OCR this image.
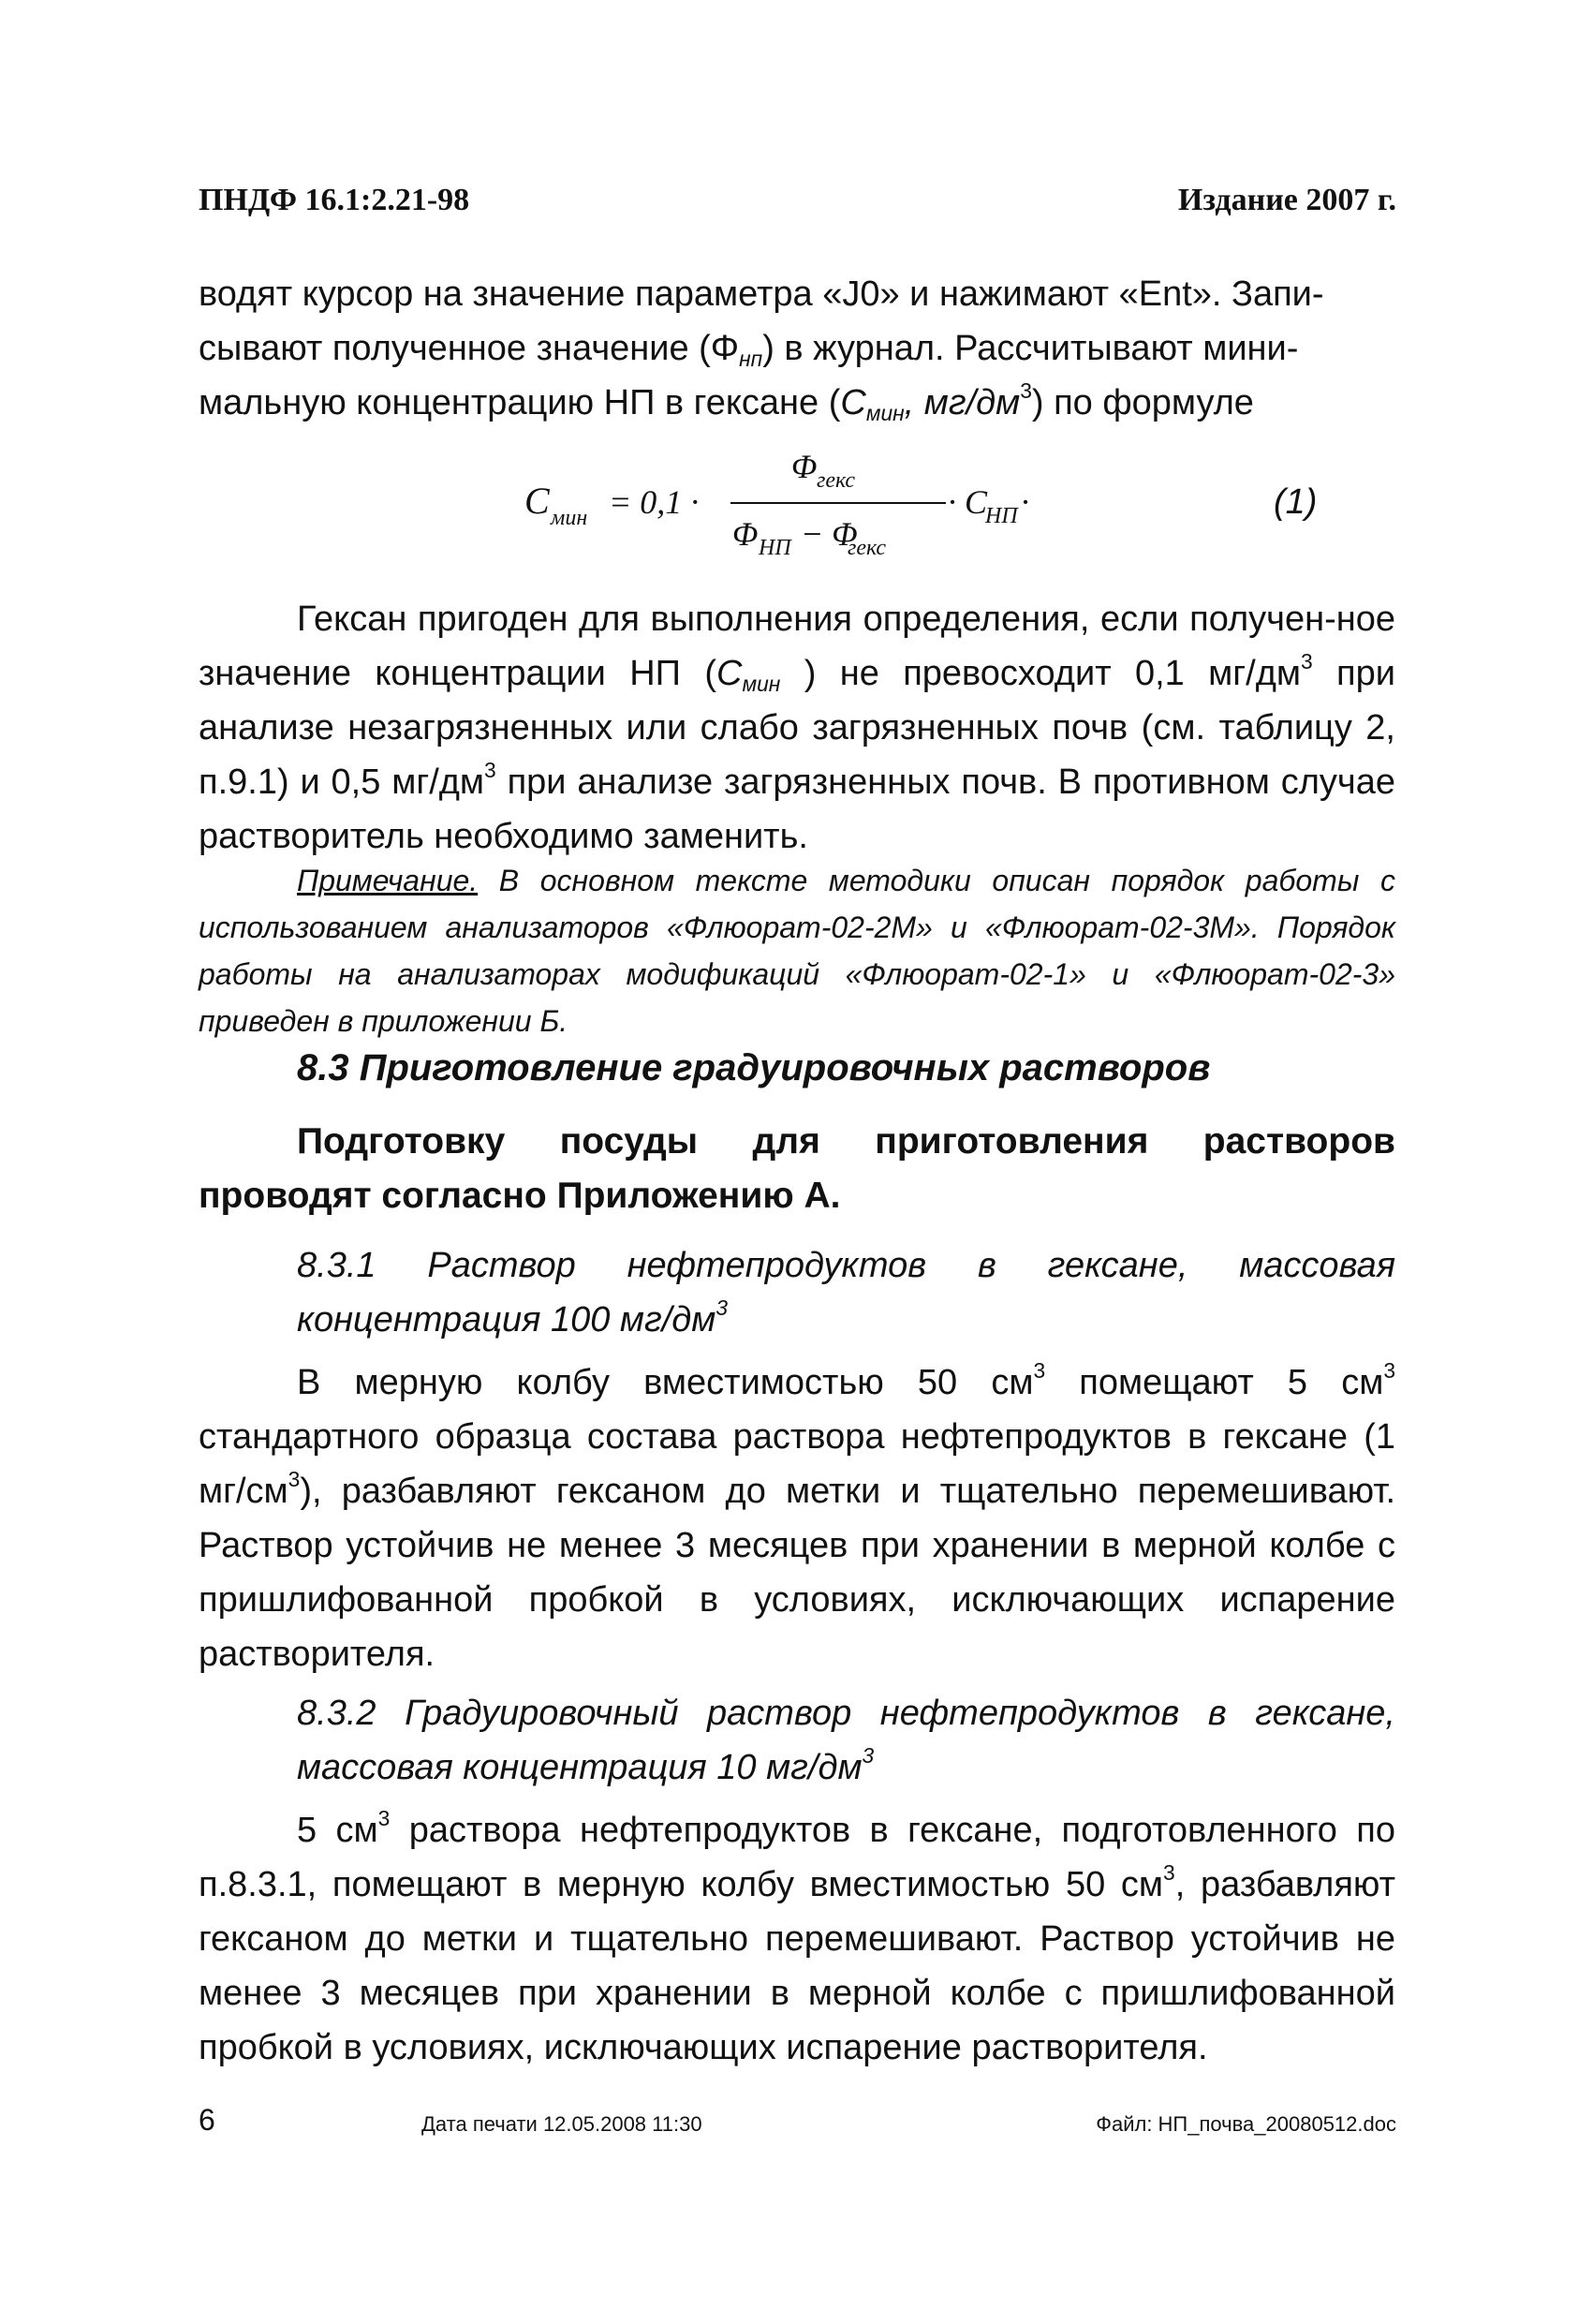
ПНДФ 16.1:2.21-98	Издание 2007 г.
водят курсор на значение параметра «J0» и нажимают «Ent». Запи-
сывают полученное значение $(\Phi_{нп})$ в журнал. Рассчитывают мини-
мальную концентрацию НП в гексане ($C_{мин}$, $мг/дм^3$) по формуле
C мин = 0,1 ·
Φ гекс
Φ НП − Φ
гекс
· C
НП ·	(1)
Гексан пригоден для выполнения определения, если получен-ное значение концентрации НП ($C_{мин}$ ) не превосходит 0,1 $мг/дм^3$ при анализе незагрязненных или слабо загрязненных почв (см. таблицу 2, п.9.1) и 0,5 $мг/дм^3$ при анализе загрязненных почв. В противном случае растворитель необходимо заменить.
Примечание. В основном тексте методики описан порядок работы с использованием анализаторов «Флюорат-02-2М» и «Флюорат-02-3М». Порядок работы на анализаторах модификаций «Флюорат-02-1» и «Флюорат-02-3» приведен в приложении Б.
8.3 Приготовление градуировочных растворов
Подготовку посуды для приготовления растворов проводят согласно Приложению А.
8.3.1 Раствор нефтепродуктов в гексане, массовая концентрация 100 $мг/дм^3$
В мерную колбу вместимостью 50 $см^3$ помещают 5 $см^3$ стандартного образца состава раствора нефтепродуктов в гексане (1 $мг/см^3$), разбавляют гексаном до метки и тщательно перемешивают. Раствор устойчив не менее 3 месяцев при хранении в мерной колбе с пришлифованной пробкой в условиях, исключающих испарение растворителя.
8.3.2 Градуировочный раствор нефтепродуктов в гексане, массовая концентрация 10 $мг/дм^3$
5 $см^3$ раствора нефтепродуктов в гексане, подготовленного по п.8.3.1, помещают в мерную колбу вместимостью 50 $см^3$, разбавляют гексаном до метки и тщательно перемешивают. Раствор устойчив не менее 3 месяцев при хранении в мерной колбе с пришлифованной пробкой в условиях, исключающих испарение растворителя.
6	Дата печати 12.05.2008 11:30	Файл: НП_почва_20080512.doc
